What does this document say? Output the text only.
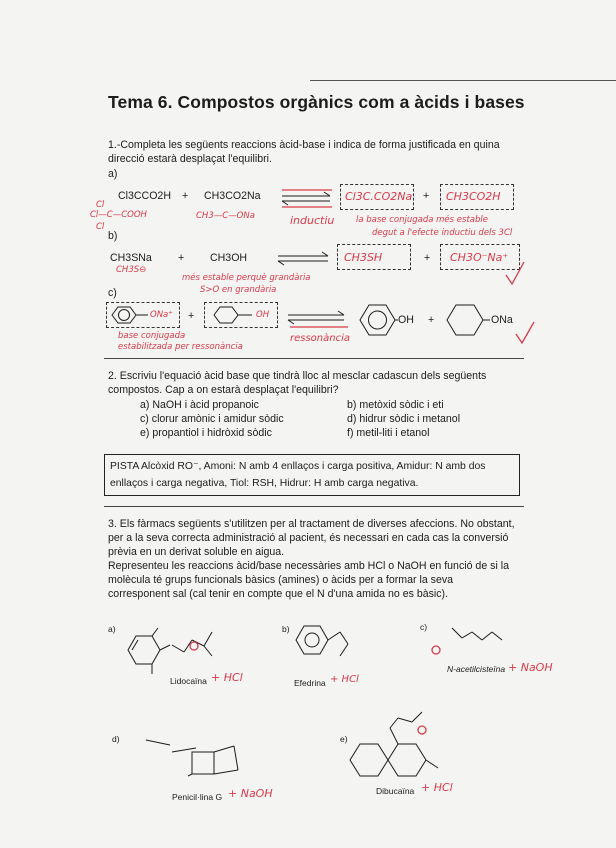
Tema 6. Compostos orgànics com a àcids i bases
1.-Completa les següents reaccions àcid-base i indica de forma justificada en quina
direcció estarà desplaçat l'equilibri.
a)
Cl3CCO2H + CH3CO2Na
Cl
Cl—C—COOH
Cl
CH3—C—ONa	inductiu
Cl3C.CO2Na + CH3CO2H
la base conjugada més estable
degut a l'efecte inductiu dels 3Cl
b)
CH3SNa
CH3S⊖
+ CH3OH	CH3SH	+ CH3O⁻Na⁺
més estable perquè grandària
S>O en grandària
c)
ONa⁺ +	OH
ressonància
base conjugada
estabilitzada per ressonància
OH +	ONa
2. Escriviu l'equació àcid base que tindrà lloc al mesclar cadascun dels següents
compostos. Cap a on estarà desplaçat l'equilibri?
a) NaOH i àcid propanoic	b) metòxid sòdic i eti
c) clorur amònic i amidur sòdic	d) hidrur sòdic i metanol
e) propantiol i hidròxid sòdic	f) metil-liti i etanol
PISTA Alcòxid RO⁻, Amoni: N amb 4 enllaços i carga positiva, Amidur: N amb dos
enllaços i carga negativa, Tiol: RSH, Hidrur: H amb carga negativa.
3. Els fàrmacs següents s'utilitzen per al tractament de diverses afeccions. No obstant,
per a la seva correcta administració al pacient, és necessari en cada cas la conversió
prèvia en un derivat soluble en aigua.
Representeu les reaccions àcid/base necessàries amb HCl o NaOH en funció de si la
molècula té grups funcionals bàsics (amines) o àcids per a formar la seva
corresponent sal (cal tenir en compte que el N d'una amida no es bàsic).
a)
Lidocaïna + HCl
b)
Efedrina + HCl
c)
N-acetilcisteïna + NaOH
d)
Penicil·lina G + NaOH
e)
Dibucaïna + HCl
